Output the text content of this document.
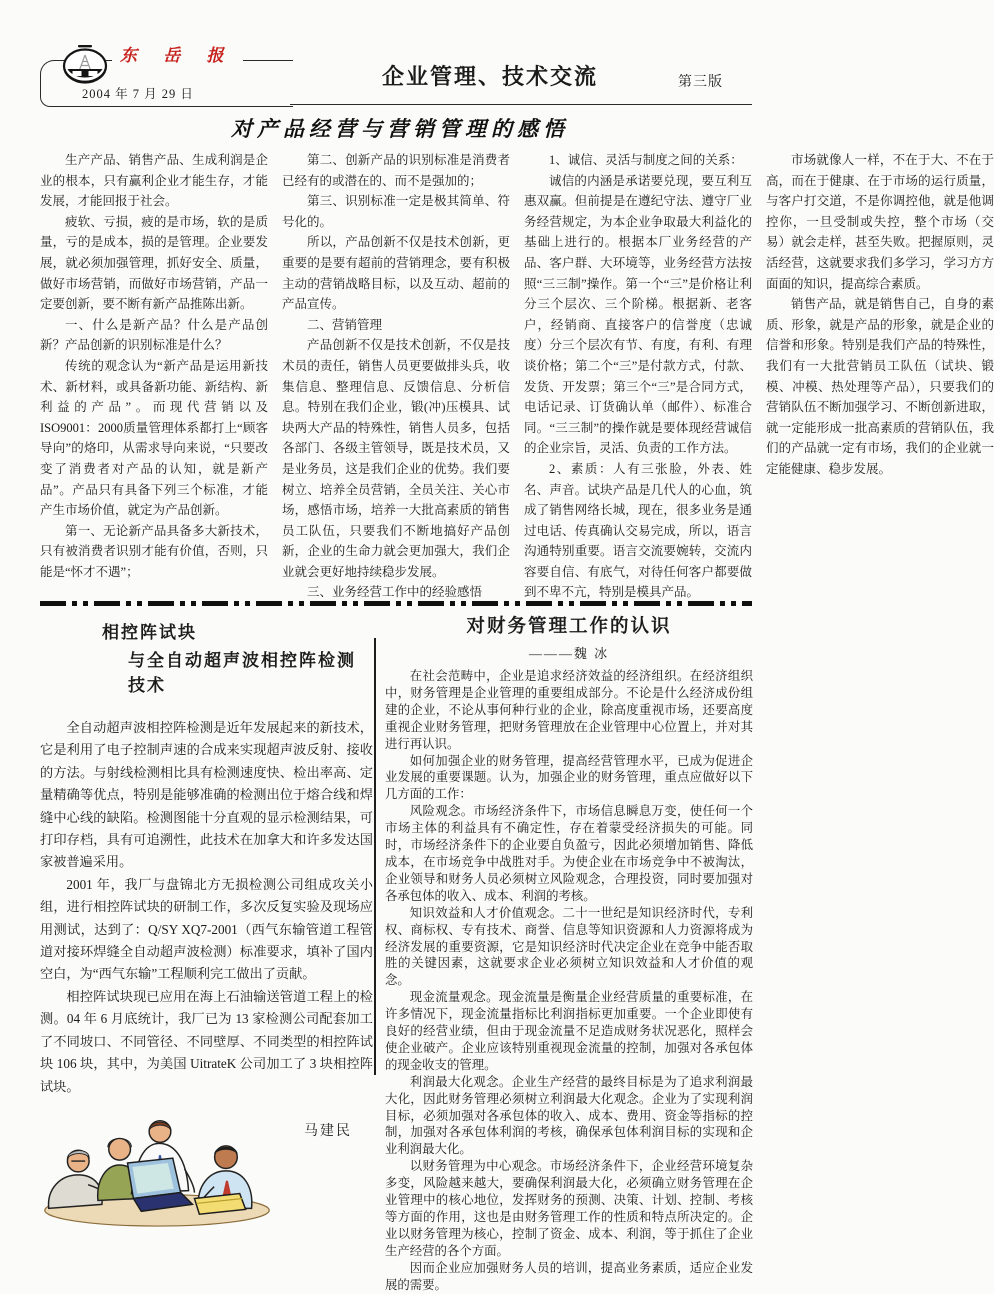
东 岳 报
2004 年 7 月 29 日
企业管理、技术交流	第三版
对产品经营与营销管理的感悟

生产产品、销售产品、生成利润是企业的根本，只有赢利企业才能生存，才能发展，才能回报于社会。

疲软、亏损，疲的是市场，软的是质量，亏的是成本，损的是管理。企业要发展，就必须加强管理，抓好安全、质量，做好市场营销，而做好市场营销，产品一定要创新，要不断有新产品推陈出新。

一、什么是新产品？什么是产品创新？产品创新的识别标准是什么？

传统的观念认为“新产品是运用新技术、新材料，或具备新功能、新结构、新利益的产品”。而现代营销以及 ISO9001：2000质量管理体系都打上“顾客导向”的烙印，从需求导向来说，“只要改变了消费者对产品的认知，就是新产品”。产品只有具备下列三个标准，才能产生市场价值，就定为产品创新。

第一、无论新产品具备多大新技术，只有被消费者识别才能有价值，否则，只能是“怀才不遇”；

第二、创新产品的识别标准是消费者已经有的或潜在的、而不是强加的；

第三、识别标准一定是极其简单、符号化的。

所以，产品创新不仅是技术创新，更重要的是要有超前的营销理念，要有积极主动的营销战略目标，以及互动、超前的产品宣传。

二、营销管理

产品创新不仅是技术创新，不仅是技术员的责任，销售人员更要做排头兵，收集信息、整理信息、反馈信息、分析信息。特别在我们企业，锻(冲)压模具、试块两大产品的特殊性，销售人员多，包括各部门、各级主管领导，既是技术员，又是业务员，这是我们企业的优势。我们要树立、培养全员营销，全员关注、关心市场，感悟市场，培养一大批高素质的销售员工队伍，只要我们不断地搞好产品创新，企业的生命力就会更加强大，我们企业就会更好地持续稳步发展。

三、业务经营工作中的经验感悟

1、诚信、灵活与制度之间的关系：

诚信的内涵是承诺要兑现，要互利互惠双赢。但前提是在遵纪守法、遵守厂业务经营规定，为本企业争取最大利益化的基础上进行的。根据本厂业务经营的产品、客户群、大环境等，业务经营方法按照“三三制”操作。第一个“三”是价格让利分三个层次、三个阶梯。根据新、老客户，经销商、直接客户的信誉度（忠诚度）分三个层次有节、有度，有利、有理谈价格；第二个“三”是付款方式，付款、发货、开发票；第三个“三”是合同方式，电话记录、订货确认单（邮件）、标准合同。“三三制”的操作就是要体现经营诚信的企业宗旨，灵活、负责的工作方法。

2、素质：人有三张脸，外表、姓名、声音。试块产品是几代人的心血，筑成了销售网络长城，现在，很多业务是通过电话、传真确认交易完成，所以，语言沟通特别重要。语言交流要婉转，交流内容要自信、有底气，对待任何客户都要做到不卑不亢，特别是模具产品。

市场就像人一样，不在于大、不在于高，而在于健康、在于市场的运行质量，与客户打交道，不是你调控他，就是他调控你，一旦受制或失控，整个市场（交易）就会走样，甚至失败。把握原则，灵活经营，这就要求我们多学习，学习方方面面的知识，提高综合素质。

销售产品，就是销售自己，自身的素质、形象，就是产品的形象，就是企业的信誉和形象。特别是我们产品的特殊性，我们有一大批营销员工队伍（试块、锻模、冲模、热处理等产品），只要我们的营销队伍不断加强学习、不断创新进取，就一定能形成一批高素质的营销队伍，我们的产品就一定有市场，我们的企业就一定能健康、稳步发展。

相控阵试块
与全自动超声波相控阵检测技术

全自动超声波相控阵检测是近年发展起来的新技术，它是利用了电子控制声速的合成来实现超声波反射、接收的方法。与射线检测相比具有检测速度快、检出率高、定量精确等优点，特别是能够准确的检测出位于熔合线和焊缝中心线的缺陷。检测图能十分直观的显示检测结果，可打印存档，具有可追溯性，此技术在加拿大和许多发达国家被普遍采用。

2001 年，我厂与盘锦北方无损检测公司组成攻关小组，进行相控阵试块的研制工作，多次反复实验及现场应用测试，达到了：Q/SY XQ7-2001（西气东输管道工程管道对接环焊缝全自动超声波检测）标准要求，填补了国内空白，为“西气东输”工程顺利完工做出了贡献。

相控阵试块现已应用在海上石油输送管道工程上的检测。04 年 6 月底统计，我厂已为 13 家检测公司配套加工了不同坡口、不同管径、不同壁厚、不同类型的相控阵试块 106 块，其中，为美国 UitrateK 公司加工了 3 块相控阵试块。

马建民
对财务管理工作的认识
———魏 冰

在社会范畴中，企业是追求经济效益的经济组织。在经济组织中，财务管理是企业管理的重要组成部分。不论是什么经济成份组建的企业，不论从事何种行业的企业，除高度重视市场，还要高度重视企业财务管理，把财务管理放在企业管理中心位置上，并对其进行再认识。

如何加强企业的财务管理，提高经营管理水平，已成为促进企业发展的重要课题。认为，加强企业的财务管理，重点应做好以下几方面的工作：

风险观念。市场经济条件下，市场信息瞬息万变，使任何一个市场主体的利益具有不确定性，存在着蒙受经济损失的可能。同时，市场经济条件下的企业要自负盈亏，因此必须增加销售、降低成本，在市场竞争中战胜对手。为使企业在市场竞争中不被淘汰，企业领导和财务人员必须树立风险观念，合理投资，同时要加强对各承包体的收入、成本、利润的考核。

知识效益和人才价值观念。二十一世纪是知识经济时代，专利权、商标权、专有技术、商誉、信息等知识资源和人力资源将成为经济发展的重要资源，它是知识经济时代决定企业在竞争中能否取胜的关键因素，这就要求企业必须树立知识效益和人才价值的观念。

现金流量观念。现金流量是衡量企业经营质量的重要标准，在许多情况下，现金流量指标比利润指标更加重要。一个企业即使有良好的经营业绩，但由于现金流量不足造成财务状况恶化，照样会使企业破产。企业应该特别重视现金流量的控制，加强对各承包体的现金收支的管理。

利润最大化观念。企业生产经营的最终目标是为了追求利润最大化，因此财务管理必须树立利润最大化观念。企业为了实现利润目标，必须加强对各承包体的收入、成本、费用、资金等指标的控制，加强对各承包体利润的考核，确保承包体利润目标的实现和企业利润最大化。

以财务管理为中心观念。市场经济条件下，企业经营环境复杂多变，风险越来越大，要确保利润最大化，必须确立财务管理在企业管理中的核心地位，发挥财务的预测、决策、计划、控制、考核等方面的作用，这也是由财务管理工作的性质和特点所决定的。企业以财务管理为核心，控制了资金、成本、利润，等于抓住了企业生产经营的各个方面。

因而企业应加强财务人员的培训，提高业务素质，适应企业发展的需要。
